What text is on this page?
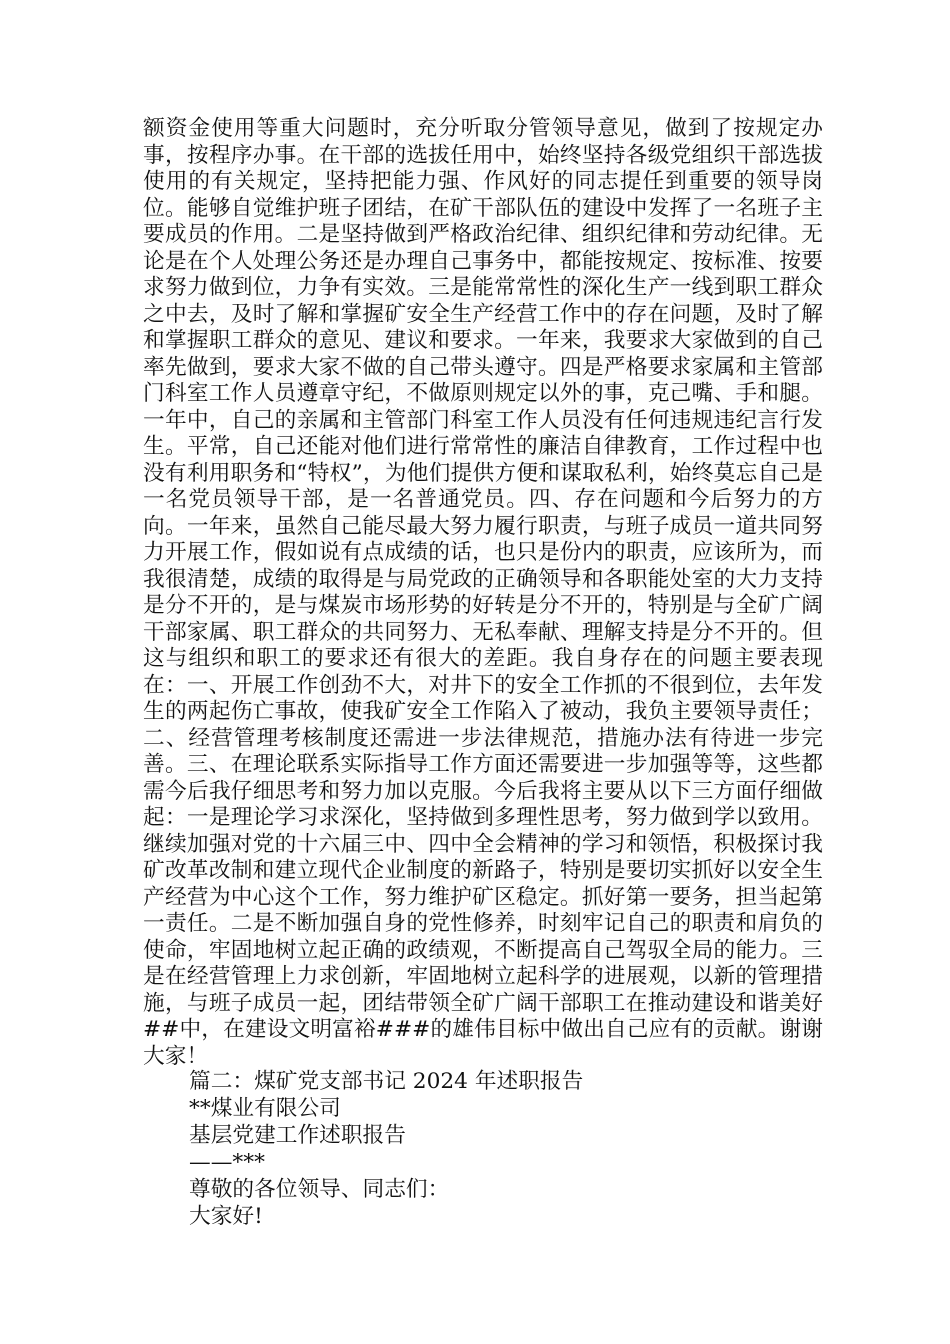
额资金使用等重大问题时，充分听取分管领导意见，做到了按规定办事，按程序办事。在干部的选拔任用中，始终坚持各级党组织干部选拔使用的有关规定，坚持把能力强、作风好的同志提任到重要的领导岗位。能够自觉维护班子团结，在矿干部队伍的建设中发挥了一名班子主要成员的作用。二是坚持做到严格政治纪律、组织纪律和劳动纪律。无论是在个人处理公务还是办理自己事务中，都能按规定、按标准、按要求努力做到位，力争有实效。三是能常常性的深化生产一线到职工群众之中去，及时了解和掌握矿安全生产经营工作中的存在问题，及时了解和掌握职工群众的意见、建议和要求。一年来，我要求大家做到的自己率先做到，要求大家不做的自己带头遵守。四是严格要求家属和主管部门科室工作人员遵章守纪，不做原则规定以外的事，克己嘴、手和腿。一年中，自己的亲属和主管部门科室工作人员没有任何违规违纪言行发生。平常，自己还能对他们进行常常性的廉洁自律教育，工作过程中也没有利用职务和“特权”，为他们提供方便和谋取私利，始终莫忘自己是一名党员领导干部，是一名普通党员。四、存在问题和今后努力的方向。一年来，虽然自己能尽最大努力履行职责，与班子成员一道共同努力开展工作，假如说有点成绩的话，也只是份内的职责，应该所为，而我很清楚，成绩的取得是与局党政的正确领导和各职能处室的大力支持是分不开的，是与煤炭市场形势的好转是分不开的，特别是与全矿广阔干部家属、职工群众的共同努力、无私奉献、理解支持是分不开的。但这与组织和职工的要求还有很大的差距。我自身存在的问题主要表现在：一、开展工作创劲不大，对井下的安全工作抓的不很到位，去年发生的两起伤亡事故，使我矿安全工作陷入了被动，我负主要领导责任；二、经营管理考核制度还需进一步法律规范，措施办法有待进一步完善。三、在理论联系实际指导工作方面还需要进一步加强等等，这些都需今后我仔细思考和努力加以克服。今后我将主要从以下三方面仔细做起：一是理论学习求深化，坚持做到多理性思考，努力做到学以致用。继续加强对党的十六届三中、四中全会精神的学习和领悟，积极探讨我矿改革改制和建立现代企业制度的新路子，特别是要切实抓好以安全生产经营为中心这个工作，努力维护矿区稳定。抓好第一要务，担当起第一责任。二是不断加强自身的党性修养，时刻牢记自己的职责和肩负的使命，牢固地树立起正确的政绩观，不断提高自己驾驭全局的能力。三是在经营管理上力求创新，牢固地树立起科学的进展观，以新的管理措施，与班子成员一起，团结带领全矿广阔干部职工在推动建设和谐美好##中，在建设文明富裕###的雄伟目标中做出自己应有的贡献。谢谢大家！

篇二：煤矿党支部书记 2024 年述职报告
**煤业有限公司
基层党建工作述职报告
——***
尊敬的各位领导、同志们：
大家好!
